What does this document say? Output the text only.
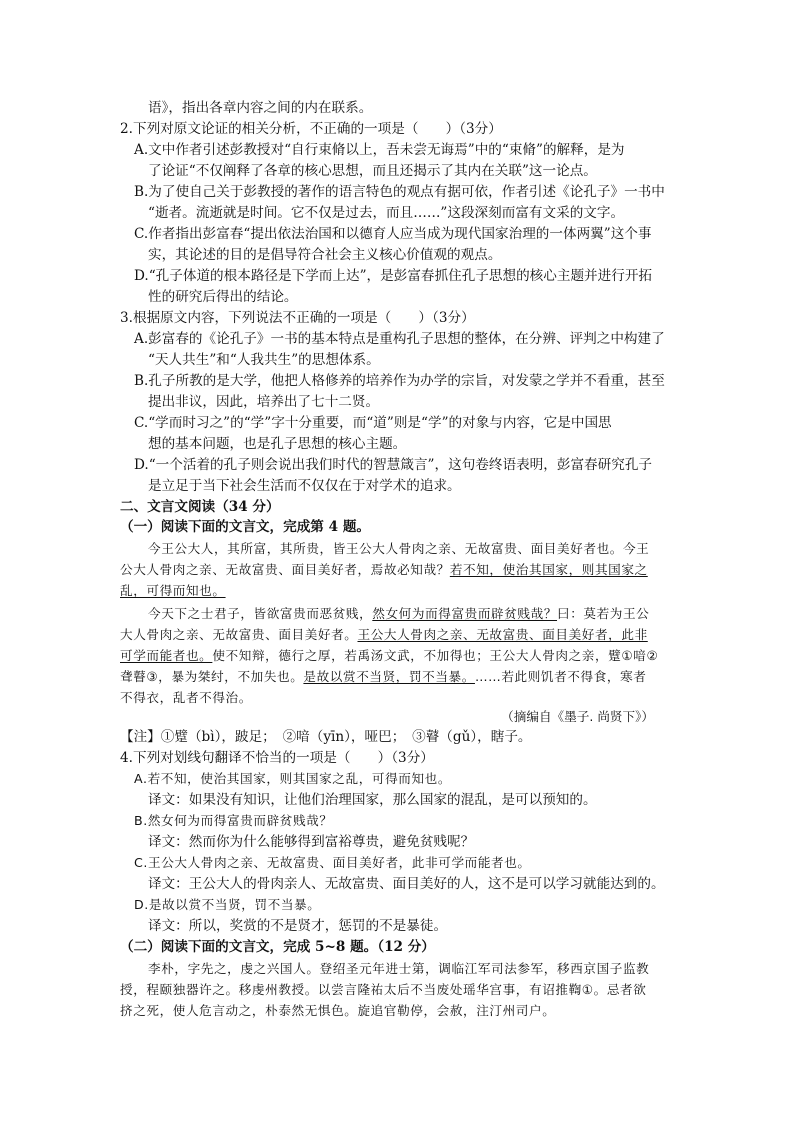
语》，指出各章内容之间的内在联系。
2.下列对原文论证的相关分析，不正确的一项是（　　）（3分）
A.文中作者引述彭教授对“自行束脩以上，吾未尝无诲焉”中的“束脩”的解释，是为
了论证“不仅阐释了各章的核心思想，而且还揭示了其内在关联”这一论点。
B.为了使自己关于彭教授的著作的语言特色的观点有据可依，作者引述《论孔子》一书中
“逝者。流逝就是时间。它不仅是过去，而且……”这段深刻而富有文采的文字。
C.作者指出彭富春“提出依法治国和以德育人应当成为现代国家治理的一体两翼”这个事
实，其论述的目的是倡导符合社会主义核心价值观的观点。
D.“孔子体道的根本路径是下学而上达”，是彭富春抓住孔子思想的核心主题并进行开拓
性的研究后得出的结论。
3.根据原文内容，下列说法不正确的一项是（　　）（3分）
A.彭富春的《论孔子》一书的基本特点是重构孔子思想的整体，在分辨、评判之中构建了
“天人共生”和“人我共生”的思想体系。
B.孔子所教的是大学，他把人格修养的培养作为办学的宗旨，对发蒙之学并不看重，甚至
提出非议，因此，培养出了七十二贤。
C.“学而时习之”的“学”字十分重要，而“道”则是“学”的对象与内容，它是中国思
想的基本问题，也是孔子思想的核心主题。
D.“一个活着的孔子则会说出我们时代的智慧箴言”，这句卷终语表明，彭富春研究孔子
是立足于当下社会生活而不仅仅在于对学术的追求。
二、文言文阅读（34 分）
（一）阅读下面的文言文，完成第 4 题。
今王公大人，其所富，其所贵，皆王公大人骨肉之亲、无故富贵、面目美好者也。今王
公大人骨肉之亲、无故富贵、面目美好者，焉故必知哉？若不知，使治其国家，则其国家之
乱，可得而知也。
今天下之士君子，皆欲富贵而恶贫贱，然女何为而得富贵而辟贫贱哉？曰：莫若为王公
大人骨肉之亲、无故富贵、面目美好者。王公大人骨肉之亲、无故富贵、面目美好者，此非
可学而能者也。使不知辩，德行之厚，若禹汤文武，不加得也；王公大人骨肉之亲，躄①喑②
聋瞽③，暴为桀纣，不加失也。是故以赏不当贤，罚不当暴。……若此则饥者不得食，寒者
不得衣，乱者不得治。
（摘编自《墨子. 尚贤下》）
【注】①躄（bì），跛足；　②喑（yīn），哑巴；　③瞽（gǔ），瞎子。
4.下列对划线句翻译不恰当的一项是（　　）（3分）
A.若不知，使治其国家，则其国家之乱，可得而知也。
译文：如果没有知识，让他们治理国家，那么国家的混乱，是可以预知的。
B.然女何为而得富贵而辟贫贱哉？
译文：然而你为什么能够得到富裕尊贵，避免贫贱呢？
C.王公大人骨肉之亲、无故富贵、面目美好者，此非可学而能者也。
译文：王公大人的骨肉亲人、无故富贵、面目美好的人，这不是可以学习就能达到的。
D.是故以赏不当贤，罚不当暴。
译文：所以，奖赏的不是贤才，惩罚的不是暴徒。
（二）阅读下面的文言文，完成 5~8 题。（12 分）
李朴，字先之，虔之兴国人。登绍圣元年进士第，调临江军司法参军，移西京国子监教
授，程颐独器许之。移虔州教授。以尝言隆祐太后不当废处瑶华宫事，有诏推鞫①。忌者欲
挤之死，使人危言动之，朴泰然无惧色。旋追官勒停，会赦，注汀州司户。
